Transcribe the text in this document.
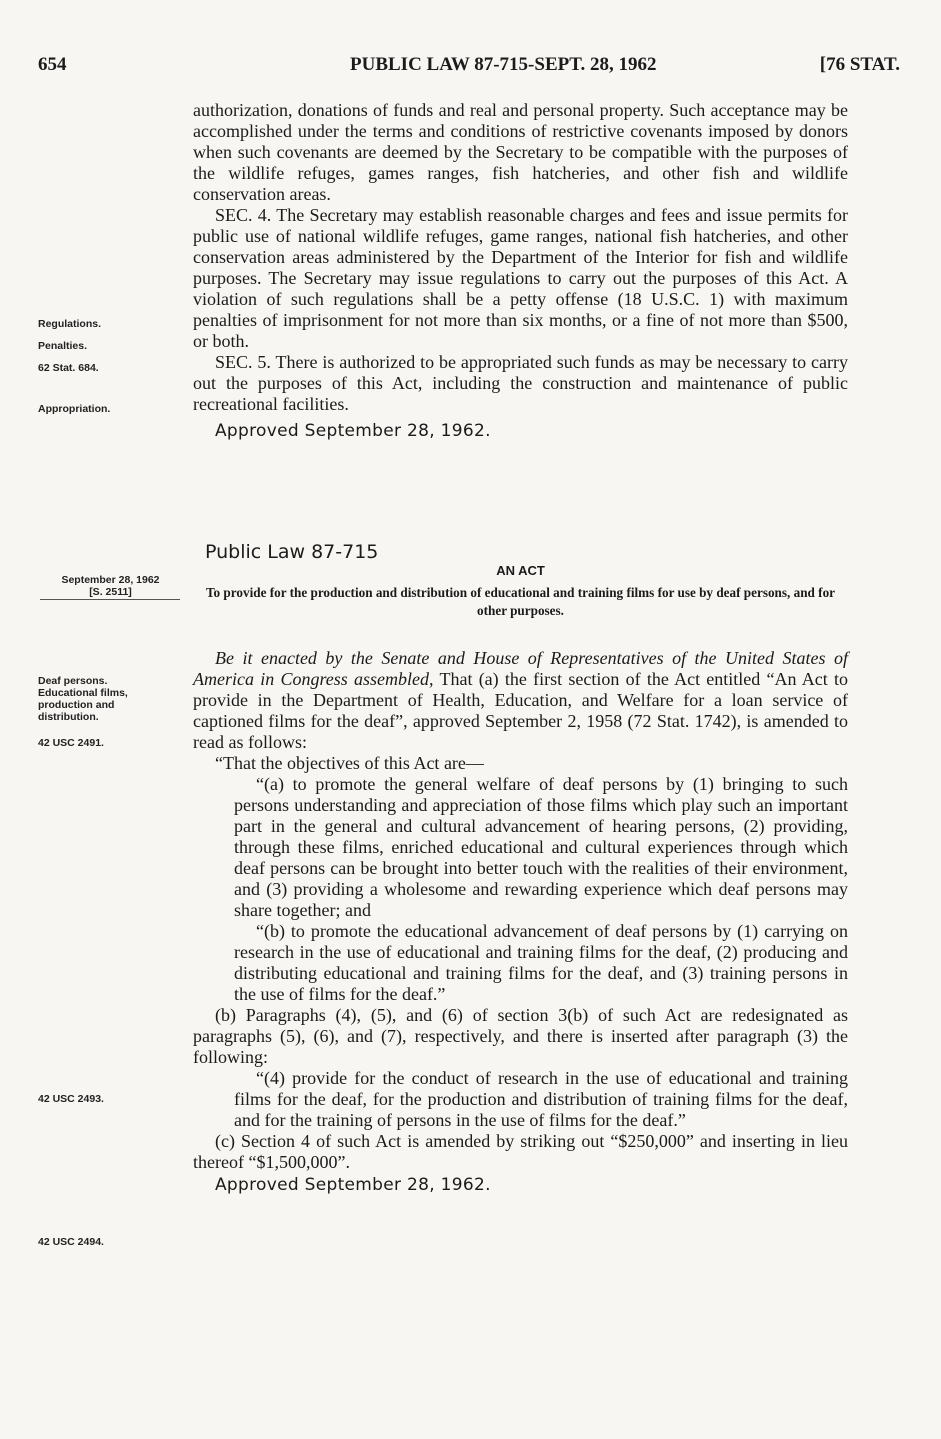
654	PUBLIC LAW 87-715-SEPT. 28, 1962	[76 STAT.

authorization, donations of funds and real and personal property. Such acceptance may be accomplished under the terms and conditions of restrictive covenants imposed by donors when such covenants are deemed by the Secretary to be compatible with the purposes of the wildlife refuges, games ranges, fish hatcheries, and other fish and wildlife conservation areas.

SEC. 4. The Secretary may establish reasonable charges and fees and issue permits for public use of national wildlife refuges, game ranges, national fish hatcheries, and other conservation areas administered by the Department of the Interior for fish and wildlife purposes. The Secretary may issue regulations to carry out the purposes of this Act. A violation of such regulations shall be a petty offense (18 U.S.C. 1) with maximum penalties of imprisonment for not more than six months, or a fine of not more than $500, or both.

SEC. 5. There is authorized to be appropriated such funds as may be necessary to carry out the purposes of this Act, including the construction and maintenance of public recreational facilities.

Approved September 28, 1962.

Regulations.
Penalties.
62 Stat. 684.
Appropriation.
Public Law 87-715
AN ACT
To provide for the production and distribution of educational and training films for use by deaf persons, and for other purposes.
September 28, 1962
[S. 2511]
Deaf persons. Educational films, production and distribution.
42 USC 2491.
42 USC 2493.
42 USC 2494.

Be it enacted by the Senate and House of Representatives of the United States of America in Congress assembled, That (a) the first section of the Act entitled “An Act to provide in the Department of Health, Education, and Welfare for a loan service of captioned films for the deaf”, approved September 2, 1958 (72 Stat. 1742), is amended to read as follows:

“That the objectives of this Act are—

“(a) to promote the general welfare of deaf persons by (1) bringing to such persons understanding and appreciation of those films which play such an important part in the general and cultural advancement of hearing persons, (2) providing, through these films, enriched educational and cultural experiences through which deaf persons can be brought into better touch with the realities of their environment, and (3) providing a wholesome and rewarding experience which deaf persons may share together; and

“(b) to promote the educational advancement of deaf persons by (1) carrying on research in the use of educational and training films for the deaf, (2) producing and distributing educational and training films for the deaf, and (3) training persons in the use of films for the deaf.”

(b) Paragraphs (4), (5), and (6) of section 3(b) of such Act are redesignated as paragraphs (5), (6), and (7), respectively, and there is inserted after paragraph (3) the following:

“(4) provide for the conduct of research in the use of educational and training films for the deaf, for the production and distribution of training films for the deaf, and for the training of persons in the use of films for the deaf.”

(c) Section 4 of such Act is amended by striking out “$250,000” and inserting in lieu thereof “$1,500,000”.

Approved September 28, 1962.
